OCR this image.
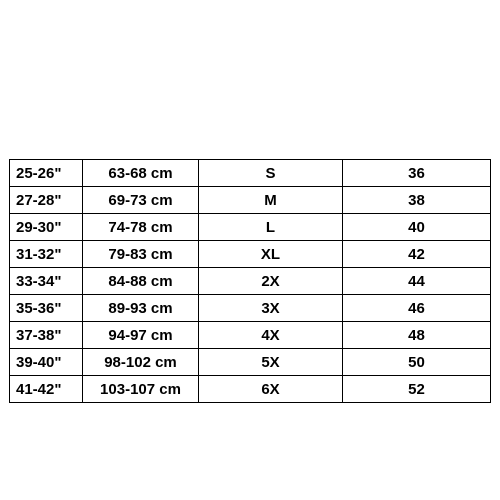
25-26"	63-68 cm	S	36
27-28"	69-73 cm	M	38
29-30"	74-78 cm	L	40
31-32"	79-83 cm	XL	42
33-34"	84-88 cm	2X	44
35-36"	89-93 cm	3X	46
37-38"	94-97 cm	4X	48
39-40"	98-102 cm	5X	50
41-42"	103-107 cm	6X	52
